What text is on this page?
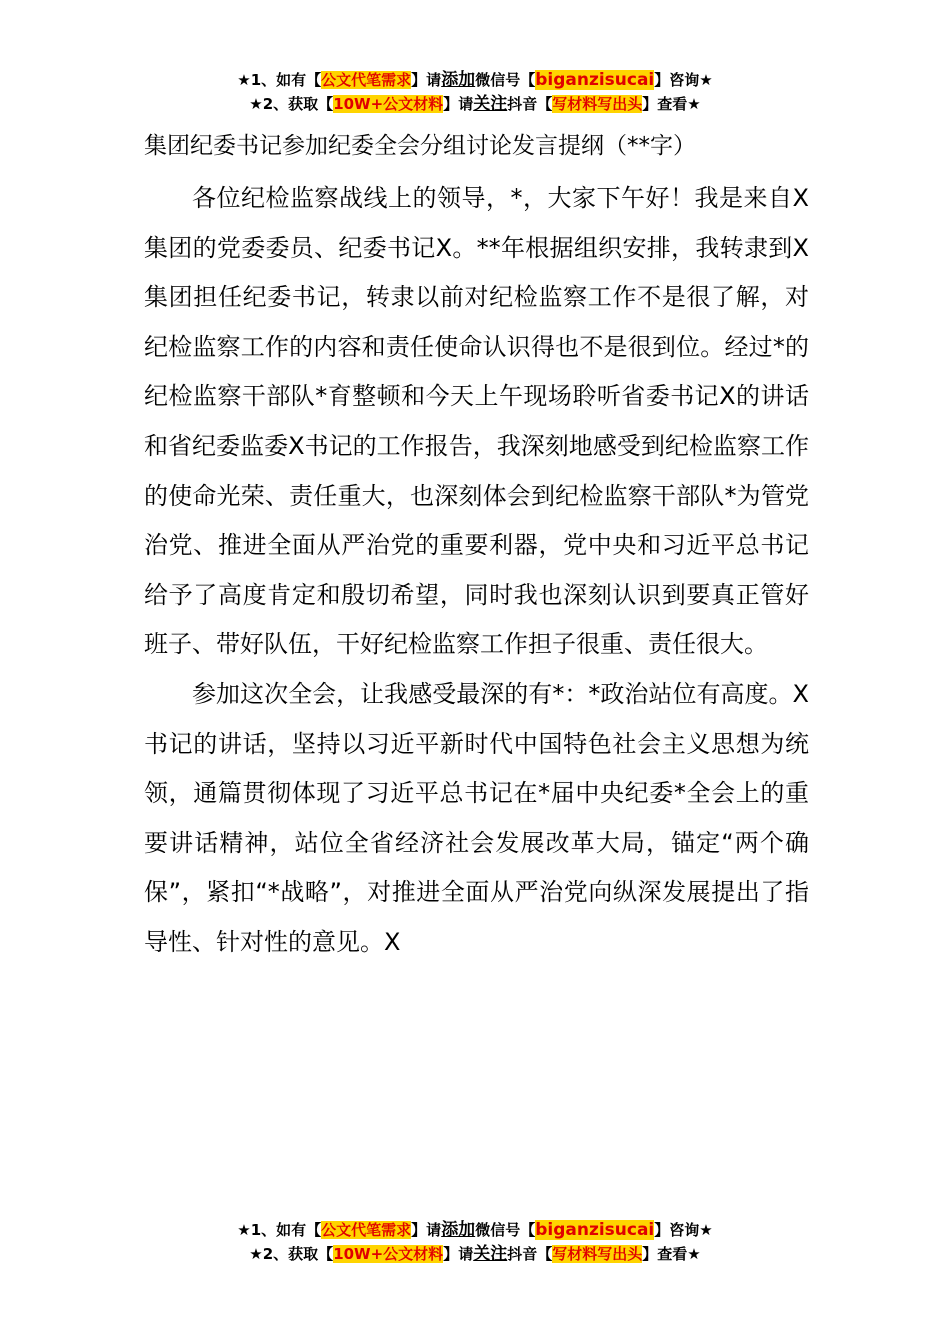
★1、如有【公文代笔需求】请添加微信号【biganzisucai】咨询★
★2、获取【10W+公文材料】请关注抖音【写材料写出头】查看★
集团纪委书记参加纪委全会分组讨论发言提纲（**字）

各位纪检监察战线上的领导，*，大家下午好！我是来自X集团的党委委员、纪委书记X。**年根据组织安排，我转隶到X集团担任纪委书记，转隶以前对纪检监察工作不是很了解，对纪检监察工作的内容和责任使命认识得也不是很到位。经过*的纪检监察干部队*育整顿和今天上午现场聆听省委书记X的讲话和省纪委监委X书记的工作报告，我深刻地感受到纪检监察工作的使命光荣、责任重大，也深刻体会到纪检监察干部队*为管党治党、推进全面从严治党的重要利器，党中央和习近平总书记给予了高度肯定和殷切希望，同时我也深刻认识到要真正管好班子、带好队伍，干好纪检监察工作担子很重、责任很大。

参加这次全会，让我感受最深的有*：*政治站位有高度。X书记的讲话，坚持以习近平新时代中国特色社会主义思想为统领，通篇贯彻体现了习近平总书记在*届中央纪委*全会上的重要讲话精神，站位全省经济社会发展改革大局，锚定“两个确保”，紧扣“*战略”，对推进全面从严治党向纵深发展提出了指导性、针对性的意见。X

★1、如有【公文代笔需求】请添加微信号【biganzisucai】咨询★
★2、获取【10W+公文材料】请关注抖音【写材料写出头】查看★
